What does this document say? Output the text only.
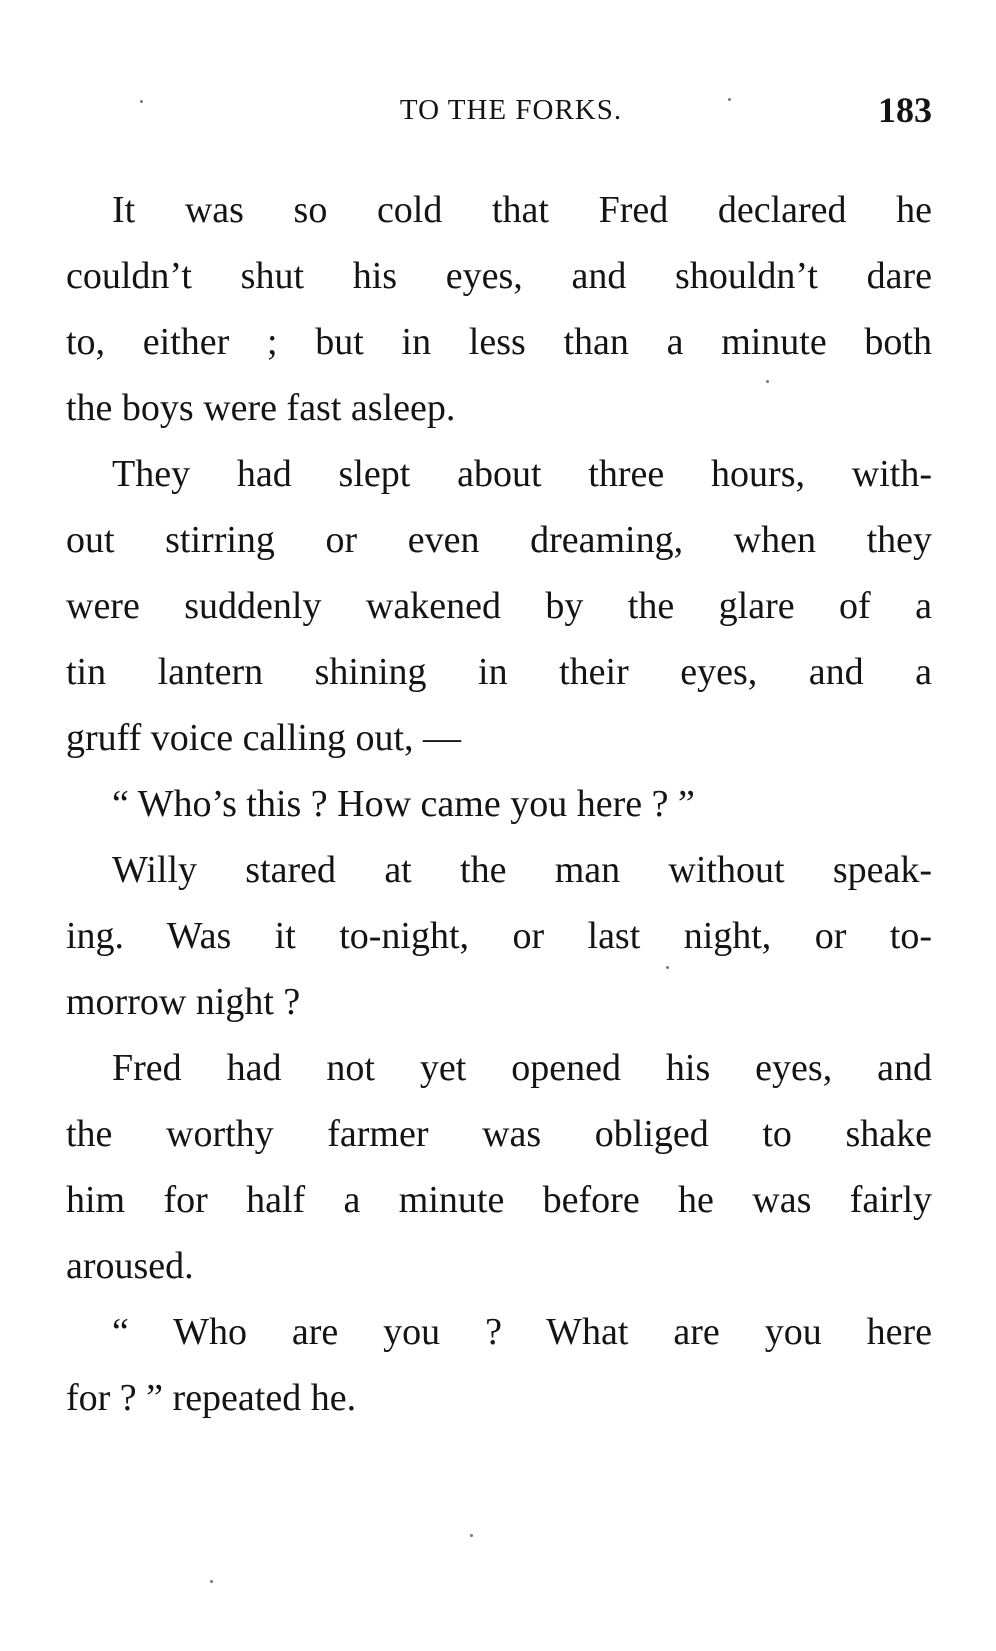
TO THE FORKS.	183
It was so cold that Fred declared he
couldn’t shut his eyes, and shouldn’t dare
to, either ; but in less than a minute both
the boys were fast asleep.
They had slept about three hours, with-
out stirring or even dreaming, when they
were suddenly wakened by the glare of a
tin lantern shining in their eyes, and a
gruff voice calling out, —
“ Who’s this ? How came you here ? ”
Willy stared at the man without speak-
ing. Was it to-night, or last night, or to-
morrow night ?
Fred had not yet opened his eyes, and
the worthy farmer was obliged to shake
him for half a minute before he was fairly
aroused.
“ Who are you ? What are you here
for ? ” repeated he.
